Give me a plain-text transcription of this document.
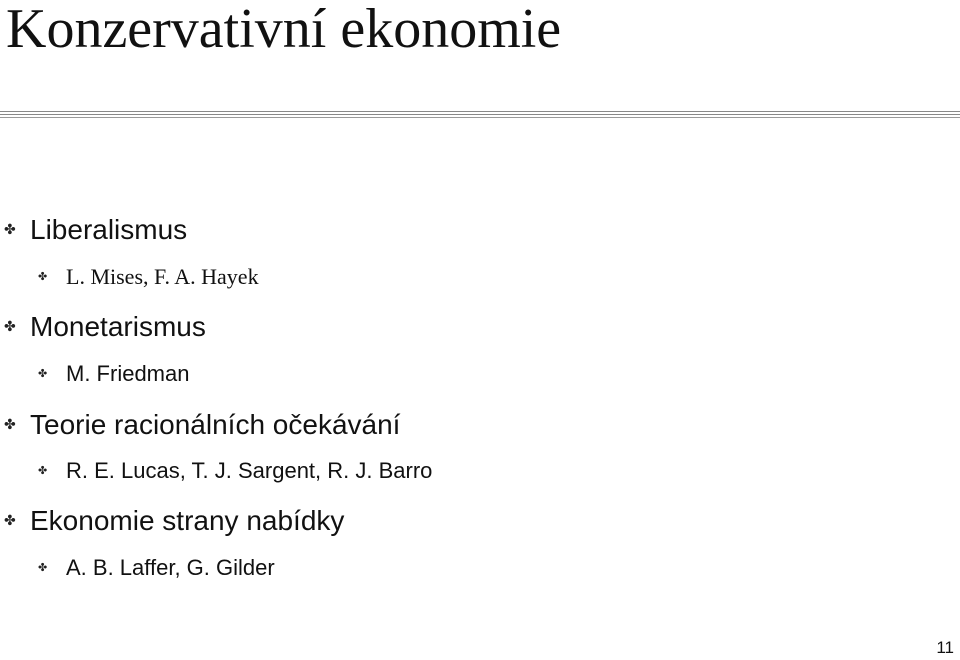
Konzervativní ekonomie
✤ Liberalismus
✤ L. Mises, F. A. Hayek
✤ Monetarismus
✤ M. Friedman
✤ Teorie racionálních očekávání
✤ R. E. Lucas, T. J. Sargent, R. J. Barro
✤ Ekonomie strany nabídky
✤ A. B. Laffer, G. Gilder
11
